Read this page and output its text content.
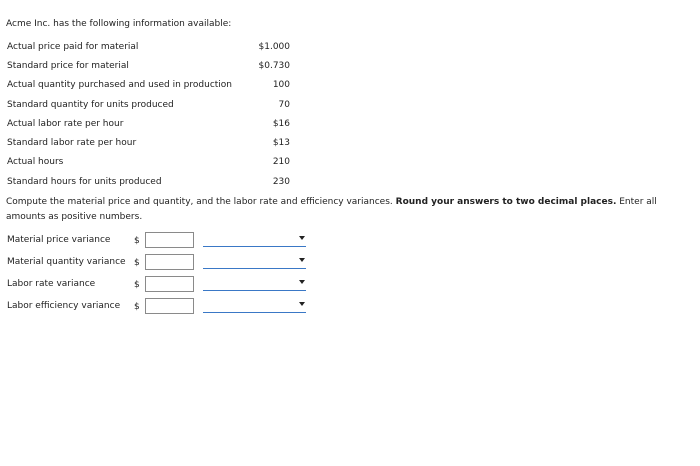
Acme Inc. has the following information available:
Actual price paid for material	$1.000
Standard price for material	$0.730
Actual quantity purchased and used in production	100
Standard quantity for units produced	70
Actual labor rate per hour	$16
Standard labor rate per hour	$13
Actual hours	210
Standard hours for units produced	230
Compute the material price and quantity, and the labor rate and efficiency variances. Round your answers to two decimal places. Enter all amounts as positive numbers.
Material price variance	$
Material quantity variance $
Labor rate variance	$
Labor efficiency variance $
